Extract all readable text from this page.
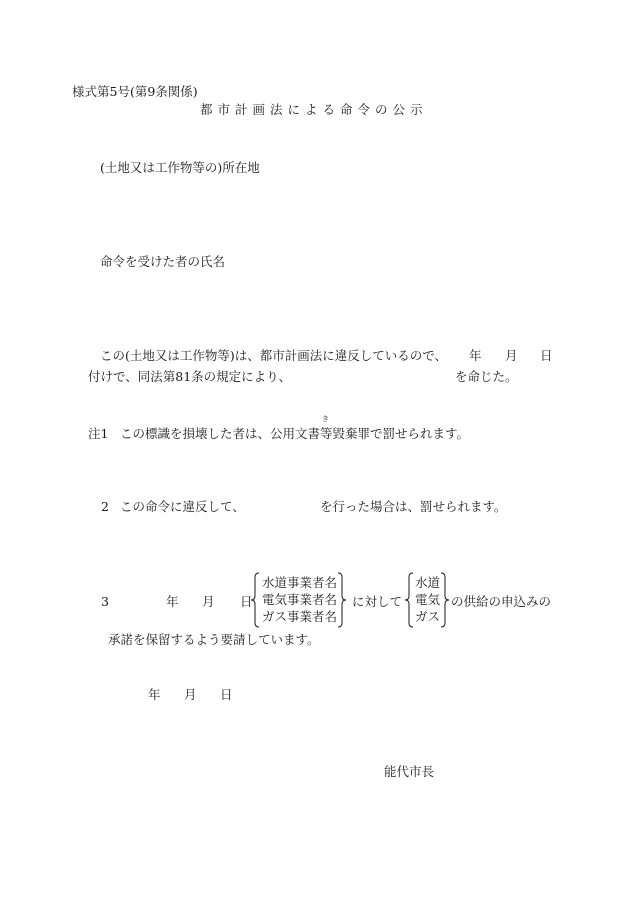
様式第5号(第9条関係)
都市計画法による命令の公示
(土地又は工作物等の)所在地
命令を受けた者の氏名
この(土地又は工作物等)は、都市計画法に違反しているので、 年 月 日
付けで、同法第81条の規定により、	を命じた。
き
注1 この標識を損壊した者は、公用文書等毀棄罪で罰せられます。
2 この命令に違反して、	を行った場合は、罰せられます。
3	年 月 日
水道事業者名
電気事業者名
ガス事業者名
に対して
水道
電気
ガス
の供給の申込みの
承諾を保留するよう要請しています。
年 月 日
能代市長
